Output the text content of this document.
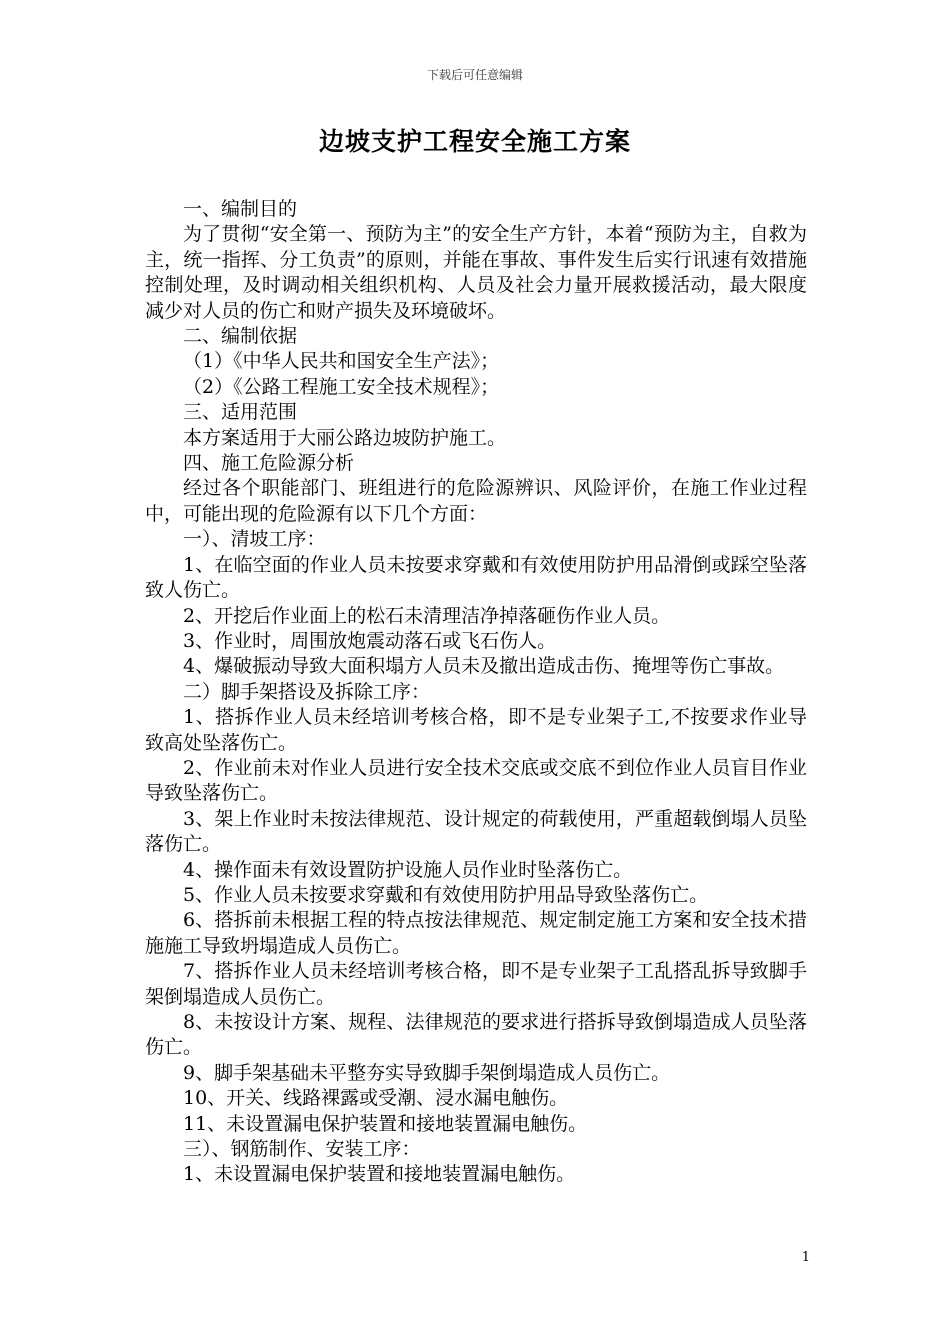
下载后可任意编辑
边坡支护工程安全施工方案

一、编制目的

为了贯彻“安全第一、预防为主”的安全生产方针，本着“预防为主，自救为主，统一指挥、分工负责”的原则，并能在事故、事件发生后实行讯速有效措施控制处理，及时调动相关组织机构、人员及社会力量开展救援活动，最大限度减少对人员的伤亡和财产损失及环境破坏。

二、编制依据

（1）《中华人民共和国安全生产法》；

（2）《公路工程施工安全技术规程》；

三、适用范围

本方案适用于大丽公路边坡防护施工。

四、施工危险源分析

经过各个职能部门、班组进行的危险源辨识、风险评价，在施工作业过程中，可能出现的危险源有以下几个方面：

一）、清坡工序：

1、在临空面的作业人员未按要求穿戴和有效使用防护用品滑倒或踩空坠落致人伤亡。

2、开挖后作业面上的松石未清理洁净掉落砸伤作业人员。

3、作业时，周围放炮震动落石或飞石伤人。

4、爆破振动导致大面积塌方人员未及撤出造成击伤、掩埋等伤亡事故。

二）脚手架搭设及拆除工序：

1、搭拆作业人员未经培训考核合格，即不是专业架子工,不按要求作业导致高处坠落伤亡。

2、作业前未对作业人员进行安全技术交底或交底不到位作业人员盲目作业导致坠落伤亡。

3、架上作业时未按法律规范、设计规定的荷载使用，严重超载倒塌人员坠落伤亡。

4、操作面未有效设置防护设施人员作业时坠落伤亡。

5、作业人员未按要求穿戴和有效使用防护用品导致坠落伤亡。

6、搭拆前未根据工程的特点按法律规范、规定制定施工方案和安全技术措施施工导致坍塌造成人员伤亡。

7、搭拆作业人员未经培训考核合格，即不是专业架子工乱搭乱拆导致脚手架倒塌造成人员伤亡。

8、未按设计方案、规程、法律规范的要求进行搭拆导致倒塌造成人员坠落伤亡。

9、脚手架基础未平整夯实导致脚手架倒塌造成人员伤亡。

10、开关、线路裸露或受潮、浸水漏电触伤。

11、未设置漏电保护装置和接地装置漏电触伤。

三）、钢筋制作、安装工序：

1、未设置漏电保护装置和接地装置漏电触伤。

1
